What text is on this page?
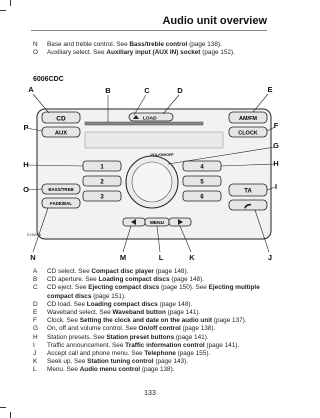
Audio unit overview
N	Base and treble control. See Bass/treble control (page 138).
O	Auxiliary select. See Auxiliary input (AUX IN) socket (page 152).
6006CDC
CD	LOAD	AM/FM
AUX	CLOCK
VOL/ON/OFF
1
2
3
4
5
6
BASS/TREB
FADE/BAL
TA
MENU
A	B	C	D	E
F
G
H
H
I
J
K
L
M
N
O
P
E136966
A	CD select. See Compact disc player (page 148).
B	CD aperture. See Loading compact discs (page 148).
C	CD eject. See Ejecting compact discs (page 150). See Ejecting multiple compact discs (page 151).
D	CD load. See Loading compact discs (page 148).
E	Waveband select. See Waveband button (page 141).
F	Clock. See Setting the clock and date on the audio unit (page 137).
G	On, off and volume control. See On/off control (page 138).
H	Station presets. See Station preset buttons (page 141).
I	Traffic announcement. See Traffic information control (page 141).
J	Accept call and phone menu. See Telephone (page 155).
K	Seek up. See Station tuning control (page 143).
L	Menu. See Audio menu control (page 138).
133
